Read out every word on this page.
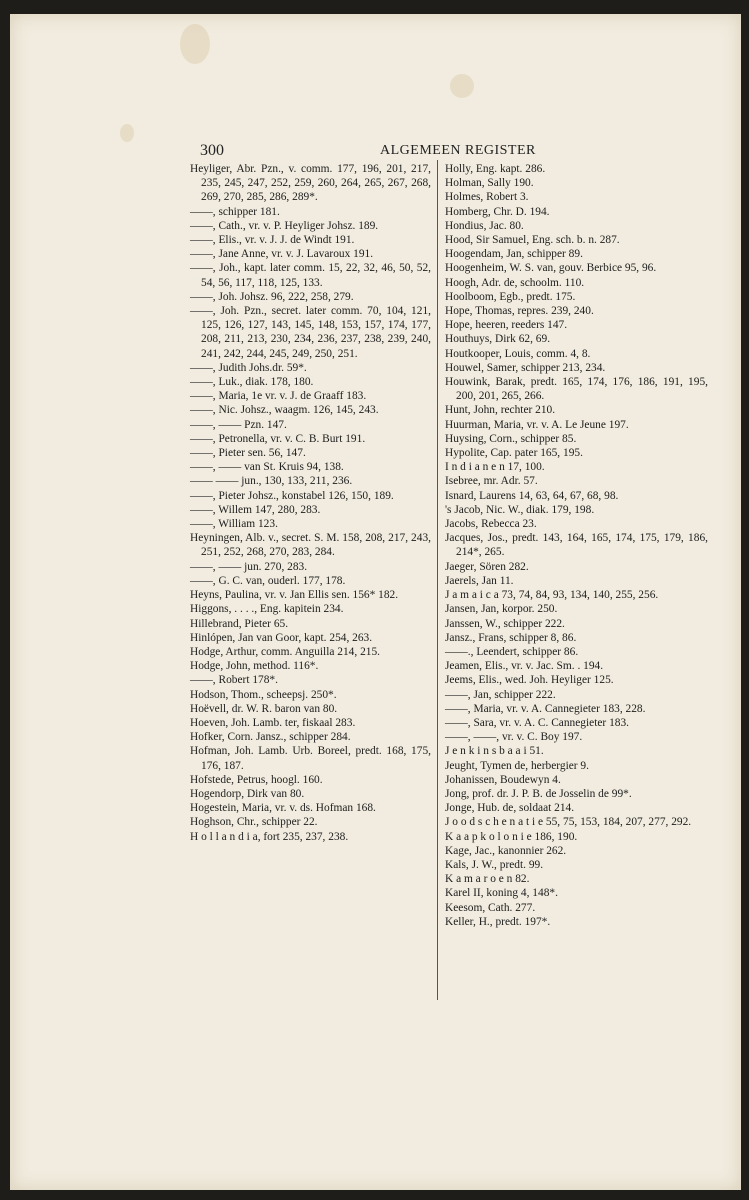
300	ALGEMEEN REGISTER
Heyliger, Abr. Pzn., v. comm. 177, 196, 201, 217, 235, 245, 247, 252, 259, 260, 264, 265, 267, 268, 269, 270, 285, 286, 289*.
——, schipper 181.
——, Cath., vr. v. P. Heyliger Johsz. 189.
——, Elis., vr. v. J. J. de Windt 191.
——, Jane Anne, vr. v. J. Lavaroux 191.
——, Joh., kapt. later comm. 15, 22, 32, 46, 50, 52, 54, 56, 117, 118, 125, 133.
——, Joh. Johsz. 96, 222, 258, 279.
——, Joh. Pzn., secret. later comm. 70, 104, 121, 125, 126, 127, 143, 145, 148, 153, 157, 174, 177, 208, 211, 213, 230, 234, 236, 237, 238, 239, 240, 241, 242, 244, 245, 249, 250, 251.
——, Judith Johs.dr. 59*.
——, Luk., diak. 178, 180.
——, Maria, 1e vr. v. J. de Graaff 183.
——, Nic. Johsz., waagm. 126, 145, 243.
——, —— Pzn. 147.
——, Petronella, vr. v. C. B. Burt 191.
——, Pieter sen. 56, 147.
——, —— van St. Kruis 94, 138.
—— —— jun., 130, 133, 211, 236.
——, Pieter Johsz., konstabel 126, 150, 189.
——, Willem 147, 280, 283.
——, William 123.
Heyningen, Alb. v., secret. S. M. 158, 208, 217, 243, 251, 252, 268, 270, 283, 284.
——, —— jun. 270, 283.
——, G. C. van, ouderl. 177, 178.
Heyns, Paulina, vr. v. Jan Ellis sen. 156* 182.
Higgons, . . . ., Eng. kapitein 234.
Hillebrand, Pieter 65.
Hinlópen, Jan van Goor, kapt. 254, 263.
Hodge, Arthur, comm. Anguilla 214, 215.
Hodge, John, method. 116*.
——, Robert 178*.
Hodson, Thom., scheepsj. 250*.
Hoëvell, dr. W. R. baron van 80.
Hoeven, Joh. Lamb. ter, fiskaal 283.
Hofker, Corn. Jansz., schipper 284.
Hofman, Joh. Lamb. Urb. Boreel, predt. 168, 175, 176, 187.
Hofstede, Petrus, hoogl. 160.
Hogendorp, Dirk van 80.
Hogestein, Maria, vr. v. ds. Hofman 168.
Hoghson, Chr., schipper 22.
H o l l a n d i a, fort 235, 237, 238.
Holly, Eng. kapt. 286.
Holman, Sally 190.
Holmes, Robert 3.
Homberg, Chr. D. 194.
Hondius, Jac. 80.
Hood, Sir Samuel, Eng. sch. b. n. 287.
Hoogendam, Jan, schipper 89.
Hoogenheim, W. S. van, gouv. Berbice 95, 96.
Hoogh, Adr. de, schoolm. 110.
Hoolboom, Egb., predt. 175.
Hope, Thomas, repres. 239, 240.
Hope, heeren, reeders 147.
Houthuys, Dirk 62, 69.
Houtkooper, Louis, comm. 4, 8.
Houwel, Samer, schipper 213, 234.
Houwink, Barak, predt. 165, 174, 176, 186, 191, 195, 200, 201, 265, 266.
Hunt, John, rechter 210.
Huurman, Maria, vr. v. A. Le Jeune 197.
Huysing, Corn., schipper 85.
Hypolite, Cap. pater 165, 195.
I n d i a n e n 17, 100.
Isebree, mr. Adr. 57.
Isnard, Laurens 14, 63, 64, 67, 68, 98.
's Jacob, Nic. W., diak. 179, 198.
Jacobs, Rebecca 23.
Jacques, Jos., predt. 143, 164, 165, 174, 175, 179, 186, 214*, 265.
Jaeger, Sören 282.
Jaerels, Jan 11.
J a m a i c a 73, 74, 84, 93, 134, 140, 255, 256.
Jansen, Jan, korpor. 250.
Janssen, W., schipper 222.
Jansz., Frans, schipper 8, 86.
——., Leendert, schipper 86.
Jeamen, Elis., vr. v. Jac. Sm. . 194.
Jeems, Elis., wed. Joh. Heyliger 125.
——, Jan, schipper 222.
——, Maria, vr. v. A. Cannegieter 183, 228.
——, Sara, vr. v. A. C. Cannegieter 183.
——, ——, vr. v. C. Boy 197.
J e n k i n s b a a i 51.
Jeught, Tymen de, herbergier 9.
Johanissen, Boudewyn 4.
Jong, prof. dr. J. P. B. de Josselin de 99*.
Jonge, Hub. de, soldaat 214.
J o o d s c h e n a t i e 55, 75, 153, 184, 207, 277, 292.
K a a p k o l o n i e 186, 190.
Kage, Jac., kanonnier 262.
Kals, J. W., predt. 99.
K a m a r o e n 82.
Karel II, koning 4, 148*.
Keesom, Cath. 277.
Keller, H., predt. 197*.
